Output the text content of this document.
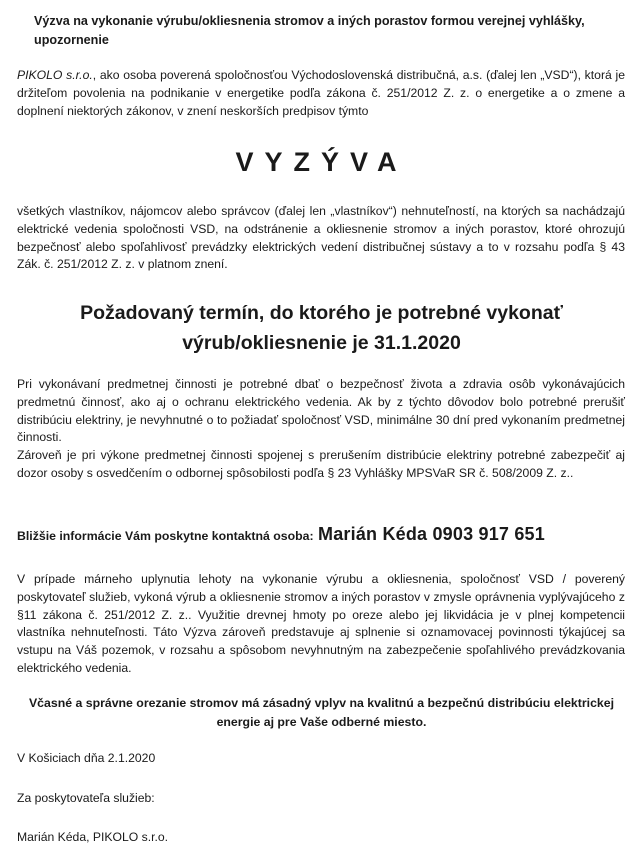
Výzva na vykonanie výrubu/okliesnenia stromov a iných porastov formou verejnej vyhlášky, upozornenie
PIKOLO s.r.o., ako osoba poverená spoločnosťou Východoslovenská distribučná, a.s. (ďalej len „VSD“), ktorá je držiteľom povolenia na podnikanie v energetike podľa zákona č. 251/2012 Z. z. o energetike a o zmene a doplnení niektorých zákonov, v znení neskorších predpisov týmto
VYZÝVA
všetkých vlastníkov, nájomcov alebo správcov (ďalej len „vlastníkov“) nehnuteľností, na ktorých sa nachádzajú elektrické vedenia spoločnosti VSD, na odstránenie a okliesnenie stromov a iných porastov, ktoré ohrozujú bezpečnosť alebo spoľahlivosť prevádzky elektrických vedení distribučnej sústavy a to v rozsahu podľa § 43 Zák. č. 251/2012 Z. z. v platnom znení.
Požadovaný termín, do ktorého je potrebné vykonať výrub/okliesnenie je 31.1.2020

Pri vykonávaní predmetnej činnosti je potrebné dbať o bezpečnosť života a zdravia osôb vykonávajúcich predmetnú činnosť, ako aj o ochranu elektrického vedenia. Ak by z týchto dôvodov bolo potrebné prerušiť distribúciu elektriny, je nevyhnutné o to požiadať spoločnosť VSD, minimálne 30 dní pred vykonaním predmetnej činnosti.

Zároveň je pri výkone predmetnej činnosti spojenej s prerušením distribúcie elektriny potrebné zabezpečiť aj dozor osoby s osvedčením o odbornej spôsobilosti podľa § 23 Vyhlášky MPSVaR SR č. 508/2009 Z. z..

Bližšie informácie Vám poskytne kontaktná osoba: Marián Kéda 0903 917 651
V prípade márneho uplynutia lehoty na vykonanie výrubu a okliesnenia, spoločnosť VSD / poverený poskytovateľ služieb, vykoná výrub a okliesnenie stromov a iných porastov v zmysle oprávnenia vyplývajúceho z §11 zákona č. 251/2012 Z. z.. Využitie drevnej hmoty po oreze alebo jej likvidácia je v plnej kompetencii vlastníka nehnuteľnosti. Táto Výzva zároveň predstavuje aj splnenie si oznamovacej povinnosti týkajúcej sa vstupu na Váš pozemok, v rozsahu a spôsobom nevyhnutným na zabezpečenie spoľahlivého prevádzkovania elektrického vedenia.
Včasné a správne orezanie stromov má zásadný vplyv na kvalitnú a bezpečnú distribúciu elektrickej energie aj pre Vaše odberné miesto.
V Košiciach dňa 2.1.2020
Za poskytovateľa služieb:
Marián Kéda, PIKOLO s.r.o.
